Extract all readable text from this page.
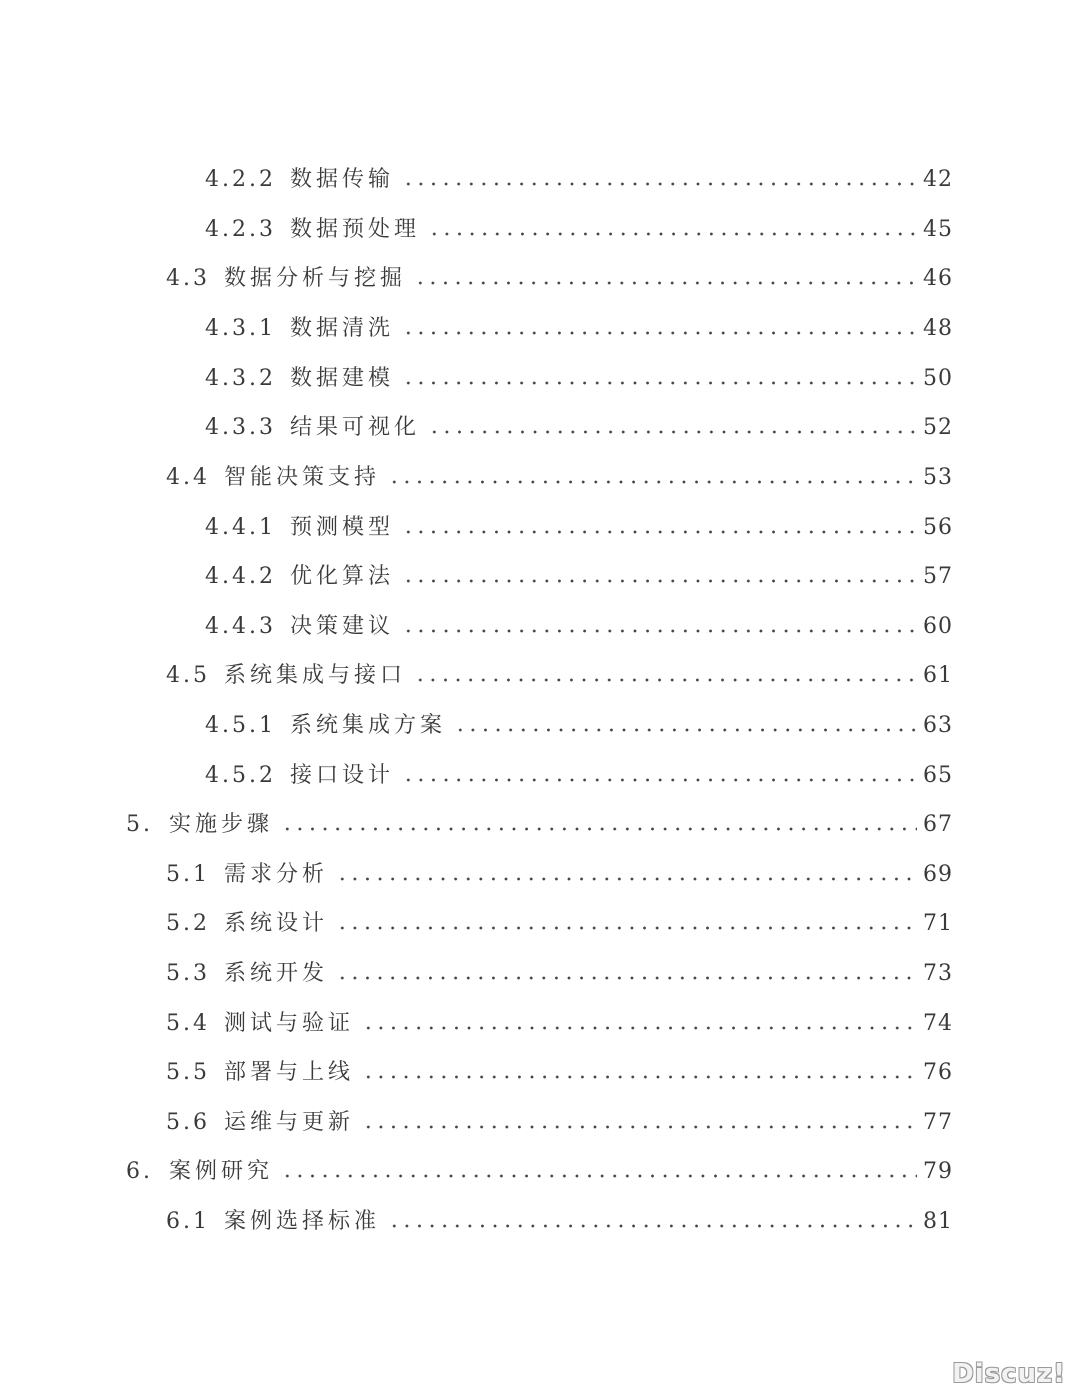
4.2.2 数据传输	42
4.2.3 数据预处理	45
4.3 数据分析与挖掘	46
4.3.1 数据清洗	48
4.3.2 数据建模	50
4.3.3 结果可视化	52
4.4 智能决策支持	53
4.4.1 预测模型	56
4.4.2 优化算法	57
4.4.3 决策建议	60
4.5 系统集成与接口	61
4.5.1 系统集成方案	63
4.5.2 接口设计	65
5. 实施步骤	67
5.1 需求分析	69
5.2 系统设计	71
5.3 系统开发	73
5.4 测试与验证	74
5.5 部署与上线	76
5.6 运维与更新	77
6. 案例研究	79
6.1 案例选择标准	81
Discuz!
